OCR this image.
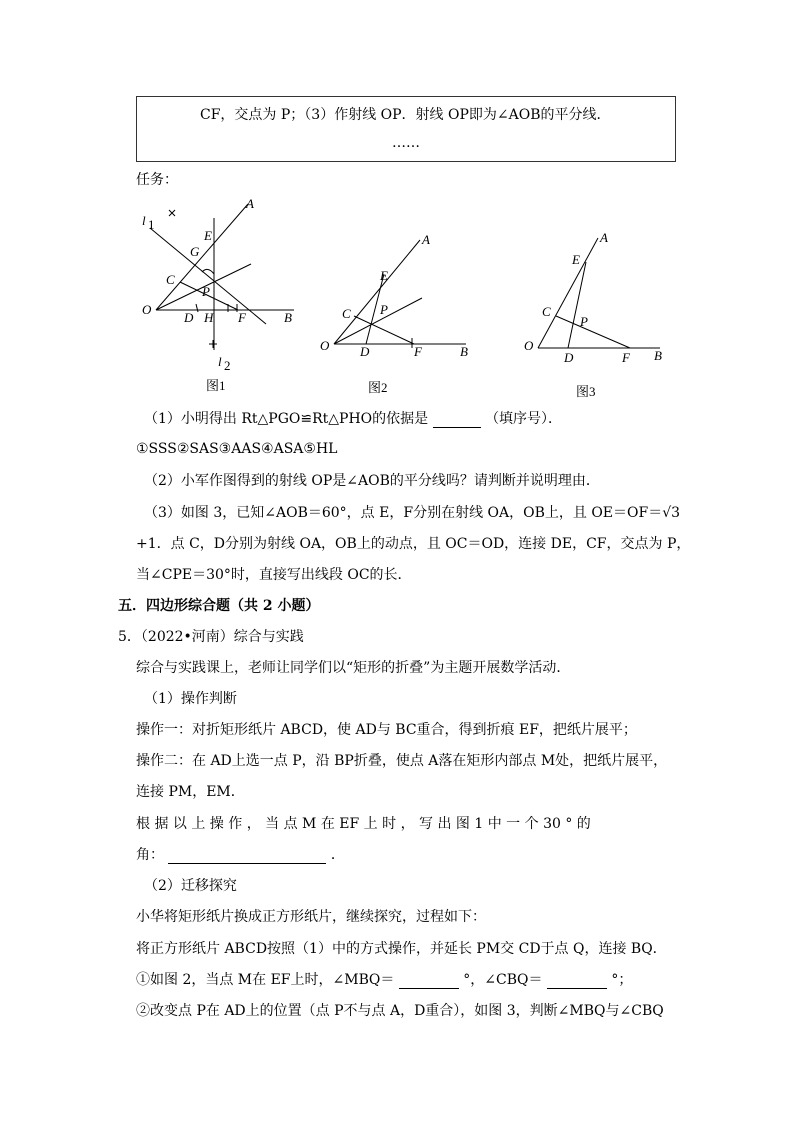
CF，交点为 P；（3）作射线 OP．射线 OP即为∠AOB的平分线．
……
任务：
A
l 1
E
G
C
P
O
D H F	B
l 2
图1
A
E
C P
O D	F	B
图2
A
E
C
P
O
D	F B
图3
（1）小明得出 Rt△PGO≌Rt△PHO的依据是	（填序号）．
①SSS②SAS③AAS④ASA⑤HL
（2）小军作图得到的射线 OP是∠AOB的平分线吗？请判断并说明理由．
（3）如图 3，已知∠AOB＝60°，点 E，F分别在射线 OA，OB上，且 OE＝OF＝√3
+1．点 C，D分别为射线 OA，OB上的动点，且 OC＝OD，连接 DE，CF，交点为 P，
当∠CPE＝30°时，直接写出线段 OC的长．
五．四边形综合题（共 2 小题）
5．（2022•河南）综合与实践
综合与实践课上，老师让同学们以“矩形的折叠”为主题开展数学活动．
（1）操作判断
操作一：对折矩形纸片 ABCD，使 AD与 BC重合，得到折痕 EF，把纸片展平；
操作二：在 AD上选一点 P，沿 BP折叠，使点 A落在矩形内部点 M处，把纸片展平，
连接 PM，EM．
根 据 以 上 操 作 ， 当 点 M 在 EF 上 时 ， 写 出 图 1 中 一 个 30 ° 的
角：	．
（2）迁移探究
小华将矩形纸片换成正方形纸片，继续探究，过程如下：
将正方形纸片 ABCD按照（1）中的方式操作，并延长 PM交 CD于点 Q，连接 BQ．
①如图 2，当点 M在 EF上时，∠MBQ＝	°，∠CBQ＝	°；
②改变点 P在 AD上的位置（点 P不与点 A，D重合），如图 3，判断∠MBQ与∠CBQ
